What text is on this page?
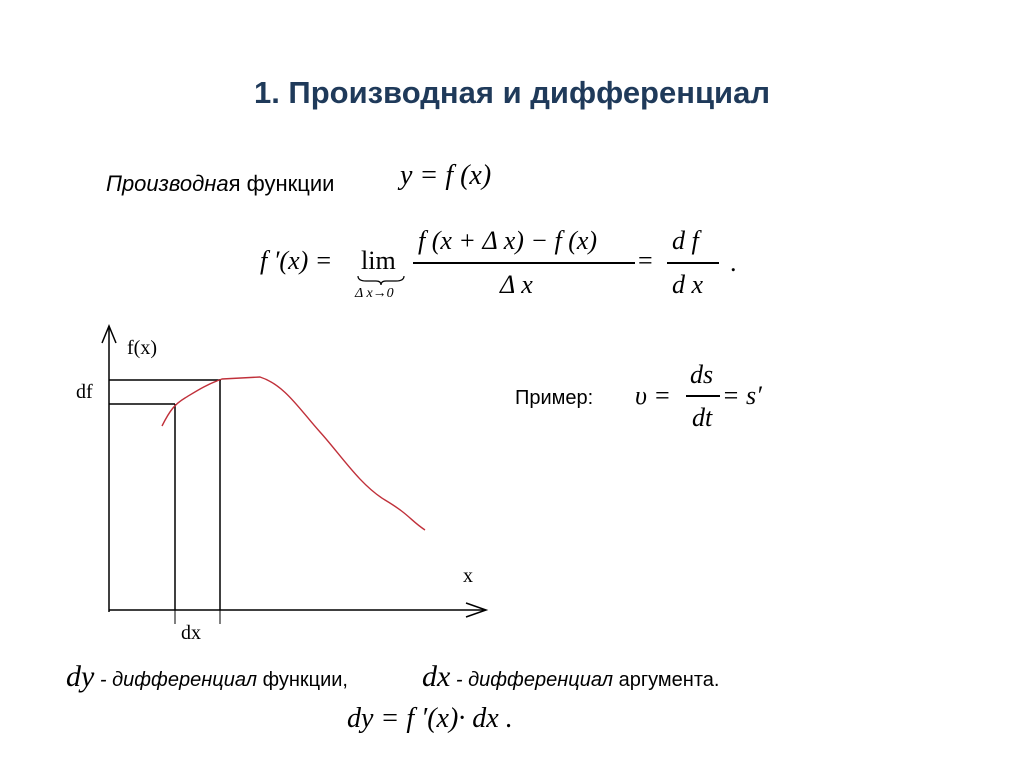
1. Производная и дифференциал
Производная функции y = f (x)
f ′(x) = lim
Δ x→0
f (x + Δ x) − f (x)
Δ x
=
d f
d x
.
f(x)
x
df
dx
Пример: υ =
ds
dt
= s′
dy - дифференциал функции, dx - дифференциал аргумента.
dy = f ′(x)· dx .
